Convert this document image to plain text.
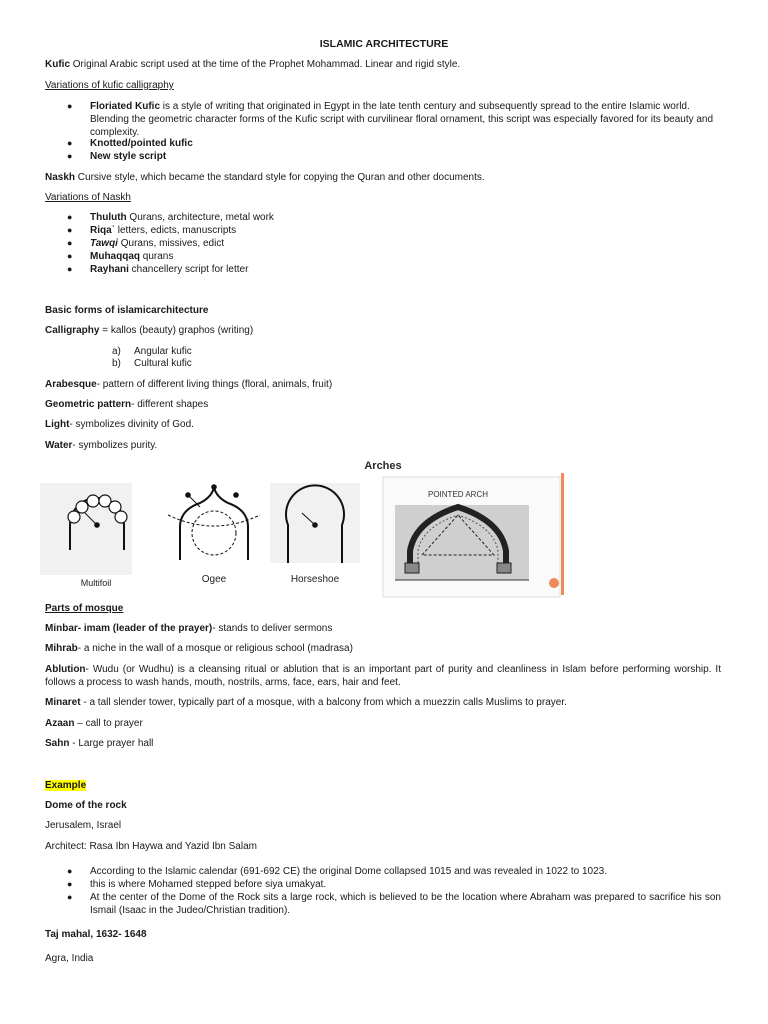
ISLAMIC ARCHITECTURE
Kufic Original Arabic script used at the time of the Prophet Mohammad. Linear and rigid style.
Variations of kufic calligraphy
● Floriated Kufic is a style of writing that originated in Egypt in the late tenth century and subsequently spread to the entire Islamic world. Blending the geometric character forms of the Kufic script with curvilinear floral ornament, this script was especially favored for its beauty and complexity.
● Knotted/pointed kufic
● New style script
Naskh Cursive style, which became the standard style for copying the Quran and other documents.
Variations of Naskh
● Thuluth Qurans, architecture, metal work
● Riqaʿ letters, edicts, manuscripts
● Tawqi Qurans, missives, edict
● Muhaqqaq qurans
● Rayhani chancellery script for letter
Basic forms of islamicarchitecture
Calligraphy = kallos (beauty) graphos (writing)
a) Angular kufic
b) Cultural kufic
Arabesque- pattern of different living things (floral, animals, fruit)
Geometric pattern- different shapes
Light- symbolizes divinity of God.
Water- symbolizes purity.
Arches
Multifoil	Ogee	Horseshoe
POINTED ARCH
Parts of mosque
Minbar- imam (leader of the prayer)- stands to deliver sermons
Mihrab- a niche in the wall of a mosque or religious school (madrasa)
Ablution- Wudu (or Wudhu) is a cleansing ritual or ablution that is an important part of purity and cleanliness in Islam before performing worship. It follows a process to wash hands, mouth, nostrils, arms, face, ears, hair and feet.
Minaret - a tall slender tower, typically part of a mosque, with a balcony from which a muezzin calls Muslims to prayer.
Azaan – call to prayer
Sahn - Large prayer hall
Example
Dome of the rock
Jerusalem, Israel
Architect: Rasa Ibn Haywa and Yazid Ibn Salam
● According to the Islamic calendar (691-692 CE) the original Dome collapsed 1015 and was revealed in 1022 to 1023.
● this is where Mohamed stepped before siya umakyat.
● At the center of the Dome of the Rock sits a large rock, which is believed to be the location where Abraham was prepared to sacrifice his son Ismail (Isaac in the Judeo/Christian tradition).
Taj mahal, 1632- 1648
Agra, India
